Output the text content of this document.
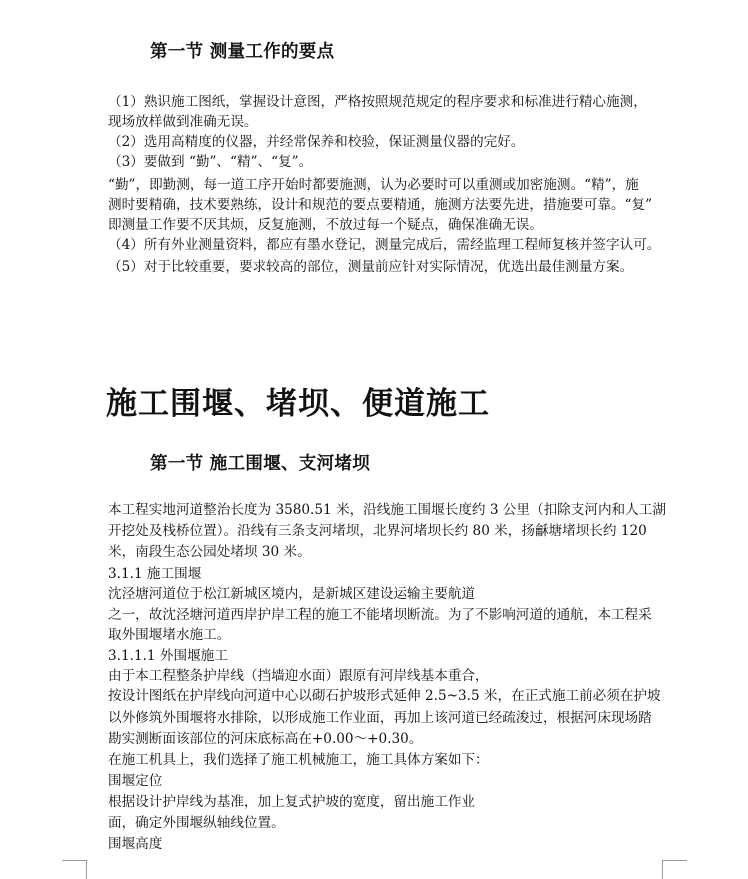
第一节 测量工作的要点
（1）熟识施工图纸，掌握设计意图，严格按照规范规定的程序要求和标准进行精心施测，
现场放样做到准确无误。
（2）选用高精度的仪器，并经常保养和校验，保证测量仪器的完好。
（3）要做到 “勤”、“精”、“复”。
“勤”，即勤测，每一道工序开始时都要施测，认为必要时可以重测或加密施测。“精”，施
测时要精确，技术要熟练，设计和规范的要点要精通，施测方法要先进，措施要可靠。“复”
即测量工作要不厌其烦，反复施测，不放过每一个疑点，确保准确无误。
（4）所有外业测量资料，都应有墨水登记，测量完成后，需经监理工程师复核并签字认可。
（5）对于比较重要，要求较高的部位，测量前应针对实际情况，优选出最佳测量方案。
施工围堰、堵坝、便道施工
第一节 施工围堰、支河堵坝
本工程实地河道整治长度为 3580.51 米，沿线施工围堰长度约 3 公里（扣除支河内和人工湖
开挖处及栈桥位置）。沿线有三条支河堵坝，北界河堵坝长约 80 米，扬龢塘堵坝长约 120
米，南段生态公园处堵坝 30 米。
3.1.1 施工围堰
沈泾塘河道位于松江新城区境内，是新城区建设运输主要航道
之一，故沈泾塘河道西岸护岸工程的施工不能堵坝断流。为了不影响河道的通航，本工程采
取外围堰堵水施工。
3.1.1.1 外围堰施工
由于本工程整条护岸线（挡墙迎水面）跟原有河岸线基本重合，
按设计图纸在护岸线向河道中心以砌石护坡形式延伸 2.5~3.5 米，在正式施工前必须在护坡
以外修筑外围堰将水排除，以形成施工作业面，再加上该河道已经疏浚过，根据河床现场踏
勘实测断面该部位的河床底标高在+0.00～+0.30。
在施工机具上，我们选择了施工机械施工，施工具体方案如下：
围堰定位
根据设计护岸线为基准，加上复式护坡的宽度，留出施工作业
面，确定外围堰纵轴线位置。
围堰高度
